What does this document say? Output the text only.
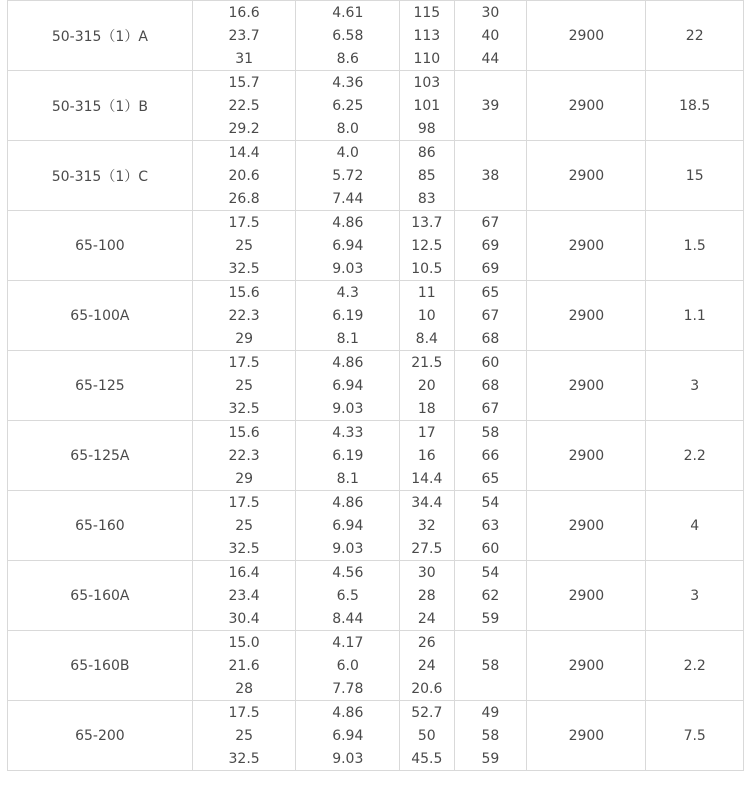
50-315（1）A	16.6	4.61	115	30	2900	22
	23.7	6.58	113	40		
	31	8.6	110	44		
50-315（1）B	15.7	4.36	103	39	2900	18.5
	22.5	6.25	101			
	29.2	8.0	98			
50-315（1）C	14.4	4.0	86	38	2900	15
	20.6	5.72	85			
	26.8	7.44	83			
65-100	17.5	4.86	13.7	67	2900	1.5
	25	6.94	12.5	69		
	32.5	9.03	10.5	69		
65-100A	15.6	4.3	11	65	2900	1.1
	22.3	6.19	10	67		
	29	8.1	8.4	68		
65-125	17.5	4.86	21.5	60	2900	3
	25	6.94	20	68		
	32.5	9.03	18	67		
65-125A	15.6	4.33	17	58	2900	2.2
	22.3	6.19	16	66		
	29	8.1	14.4	65		
65-160	17.5	4.86	34.4	54	2900	4
	25	6.94	32	63		
	32.5	9.03	27.5	60		
65-160A	16.4	4.56	30	54	2900	3
	23.4	6.5	28	62		
	30.4	8.44	24	59		
65-160B	15.0	4.17	26	58	2900	2.2
	21.6	6.0	24			
	28	7.78	20.6			
65-200	17.5	4.86	52.7	49	2900	7.5
	25	6.94	50	58		
	32.5	9.03	45.5	59		
